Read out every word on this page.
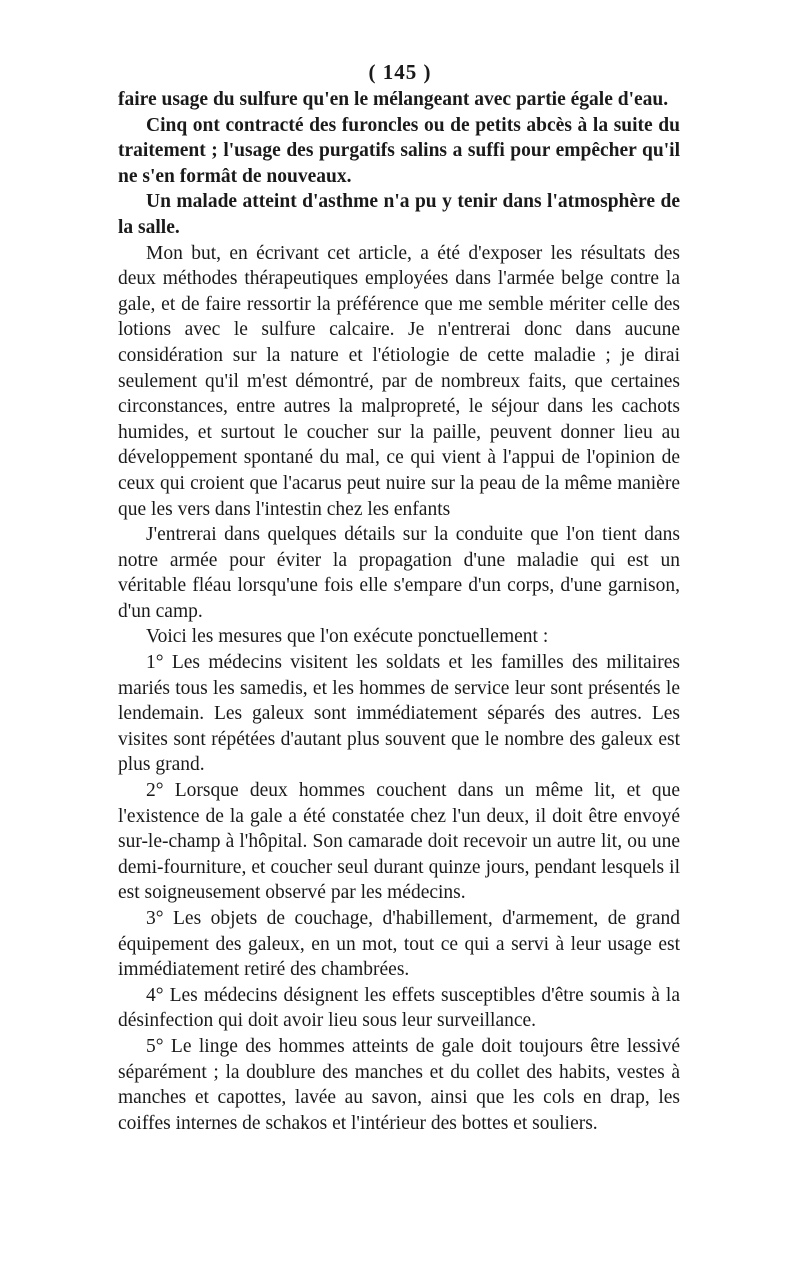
( 145 )

faire usage du sulfure qu'en le mélangeant avec partie égale d'eau.

Cinq ont contracté des furoncles ou de petits abcès à la suite du traitement ; l'usage des purgatifs salins a suffi pour empêcher qu'il ne s'en formât de nouveaux.

Un malade atteint d'asthme n'a pu y tenir dans l'atmosphère de la salle.

Mon but, en écrivant cet article, a été d'exposer les résultats des deux méthodes thérapeutiques employées dans l'armée belge contre la gale, et de faire ressortir la préférence que me semble mériter celle des lotions avec le sulfure calcaire. Je n'entrerai donc dans aucune considération sur la nature et l'étiologie de cette maladie ; je dirai seulement qu'il m'est démontré, par de nombreux faits, que certaines circonstances, entre autres la malpropreté, le séjour dans les cachots humides, et surtout le coucher sur la paille, peuvent donner lieu au développement spontané du mal, ce qui vient à l'appui de l'opinion de ceux qui croient que l'acarus peut nuire sur la peau de la même manière que les vers dans l'intestin chez les enfants

J'entrerai dans quelques détails sur la conduite que l'on tient dans notre armée pour éviter la propagation d'une maladie qui est un véritable fléau lorsqu'une fois elle s'empare d'un corps, d'une garnison, d'un camp.

Voici les mesures que l'on exécute ponctuellement :

1° Les médecins visitent les soldats et les familles des militaires mariés tous les samedis, et les hommes de service leur sont présentés le lendemain. Les galeux sont immédiatement séparés des autres. Les visites sont répétées d'autant plus souvent que le nombre des galeux est plus grand.

2° Lorsque deux hommes couchent dans un même lit, et que l'existence de la gale a été constatée chez l'un deux, il doit être envoyé sur-le-champ à l'hôpital. Son camarade doit recevoir un autre lit, ou une demi-fourniture, et coucher seul durant quinze jours, pendant lesquels il est soigneusement observé par les médecins.

3° Les objets de couchage, d'habillement, d'armement, de grand équipement des galeux, en un mot, tout ce qui a servi à leur usage est immédiatement retiré des chambrées.

4° Les médecins désignent les effets susceptibles d'être soumis à la désinfection qui doit avoir lieu sous leur surveillance.

5° Le linge des hommes atteints de gale doit toujours être lessivé séparément ; la doublure des manches et du collet des habits, vestes à manches et capottes, lavée au savon, ainsi que les cols en drap, les coiffes internes de schakos et l'intérieur des bottes et souliers.
